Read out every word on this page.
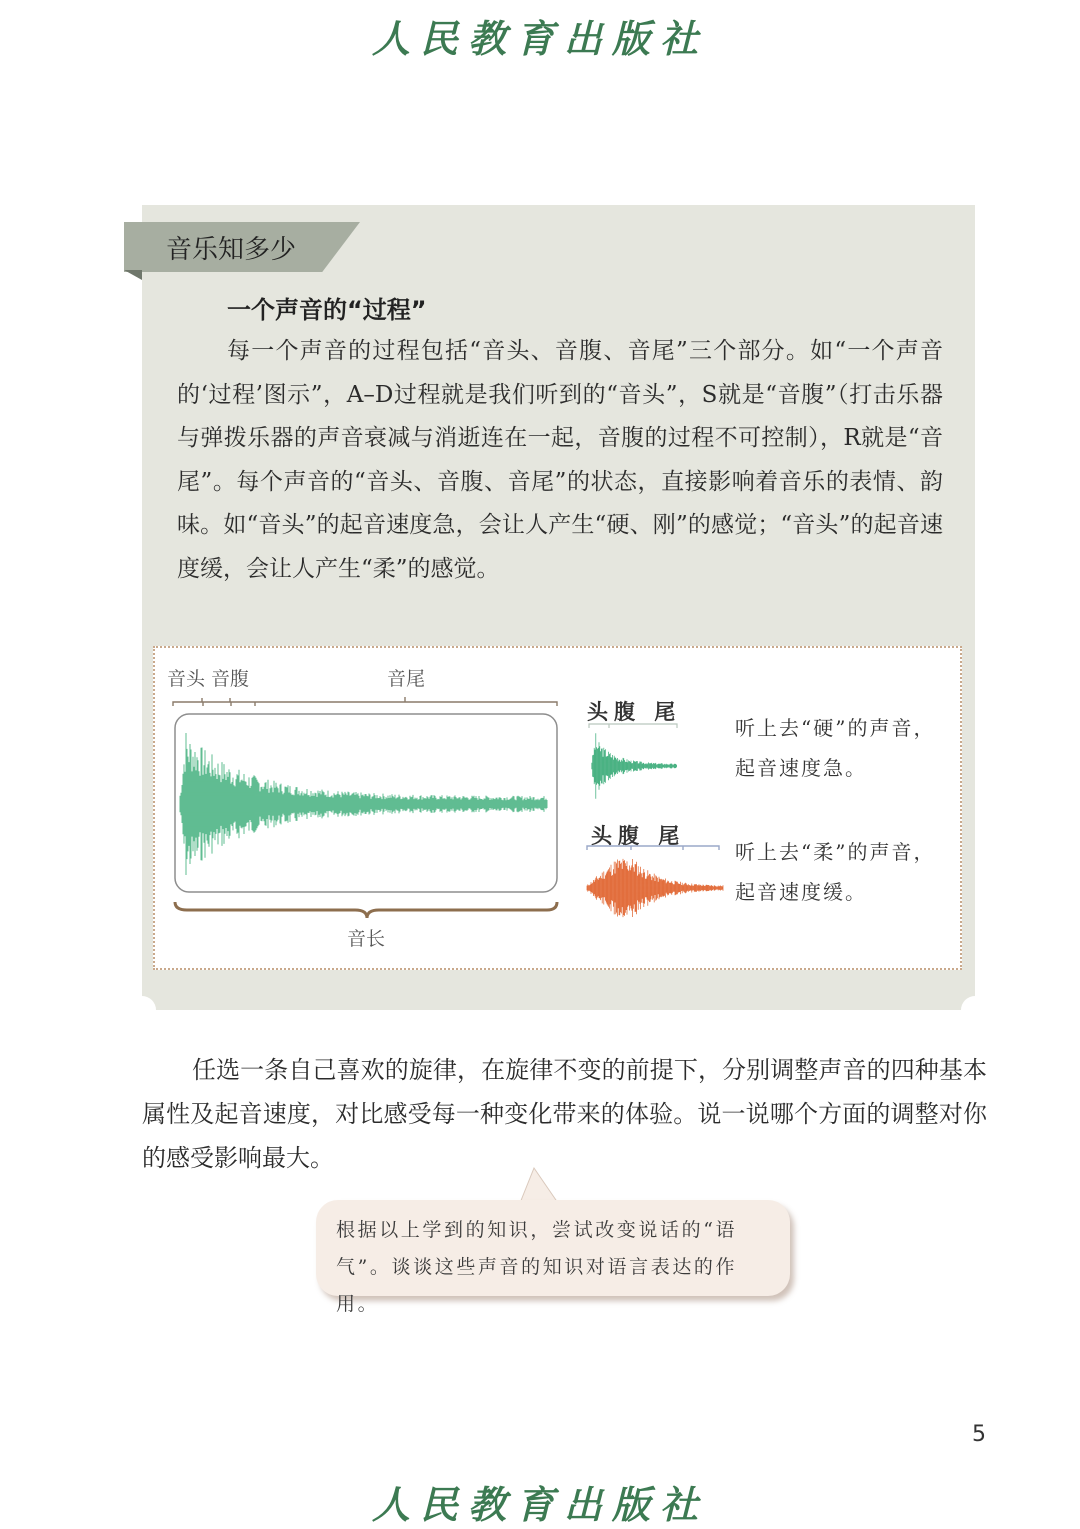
人民教育出版社
音乐知多少
一个声音的“过程”
每一个声音的过程包括“音头、音腹、音尾”三个部分。如“一个声音的‘过程’图示”，A–D过程就是我们听到的“音头”，S就是“音腹”（打击乐器与弹拨乐器的声音衰减与消逝连在一起，音腹的过程不可控制），R就是“音尾”。每个声音的“音头、音腹、音尾”的状态，直接影响着音乐的表情、韵味。如“音头”的起音速度急，会让人产生“硬、刚”的感觉；“音头”的起音速度缓，会让人产生“柔”的感觉。
音头 音腹	音尾
音长
头腹 尾
听上去“硬”的声音，
起音速度急。
头腹 尾
听上去“柔”的声音，
起音速度缓。
任选一条自己喜欢的旋律，在旋律不变的前提下，分别调整声音的四种基本属性及起音速度，对比感受每一种变化带来的体验。说一说哪个方面的调整对你的感受影响最大。
根据以上学到的知识，尝试改变说话的“语气”。谈谈这些声音的知识对语言表达的作用。
5
人民教育出版社
